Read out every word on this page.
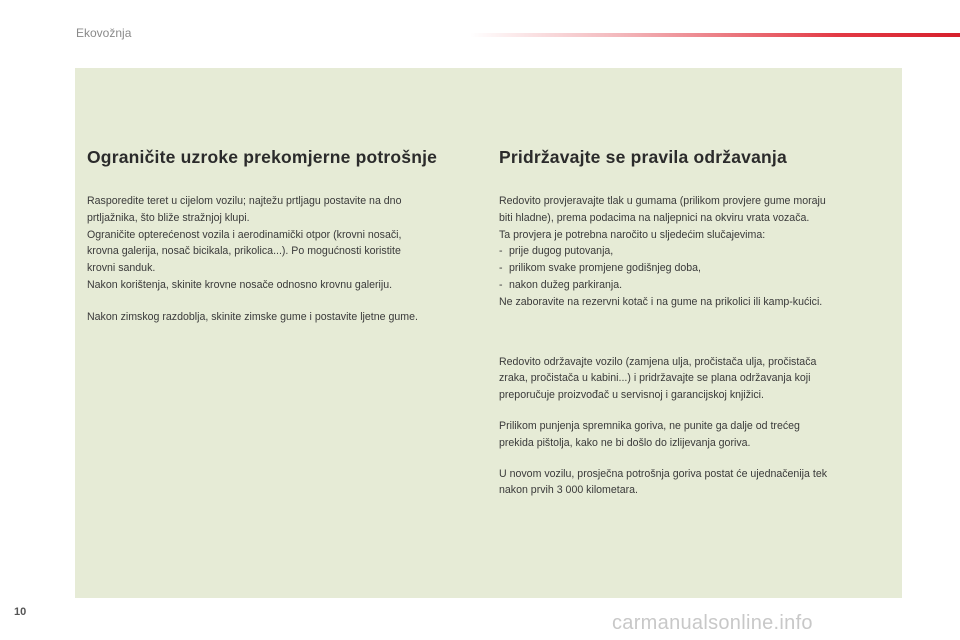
Ekovožnja
Ograničite uzroke prekomjerne potrošnje

Rasporedite teret u cijelom vozilu; najtežu prtljagu postavite na dno
prtljažnika, što bliže stražnjoj klupi.
Ograničite opterećenost vozila i aerodinamički otpor (krovni nosači,
krovna galerija, nosač bicikala, prikolica...). Po mogućnosti koristite
krovni sanduk.
Nakon korištenja, skinite krovne nosače odnosno krovnu galeriju.

Nakon zimskog razdoblja, skinite zimske gume i postavite ljetne gume.

Pridržavajte se pravila održavanja

Redovito provjeravajte tlak u gumama (prilikom provjere gume moraju
biti hladne), prema podacima na naljepnici na okviru vrata vozača.
Ta provjera je potrebna naročito u sljedećim slučajevima:

- prije dugog putovanja,
- prilikom svake promjene godišnjeg doba,
- nakon dužeg parkiranja.

Ne zaboravite na rezervni kotač i na gume na prikolici ili kamp-kućici.

Redovito održavajte vozilo (zamjena ulja, pročistača ulja, pročistača
zraka, pročistača u kabini...) i pridržavajte se plana održavanja koji
preporučuje proizvođač u servisnoj i garancijskoj knjižici.

Prilikom punjenja spremnika goriva, ne punite ga dalje od trećeg
prekida pištolja, kako ne bi došlo do izlijevanja goriva.

U novom vozilu, prosječna potrošnja goriva postat će ujednačenija tek
nakon prvih 3 000 kilometara.

10	carmanualsonline.info
